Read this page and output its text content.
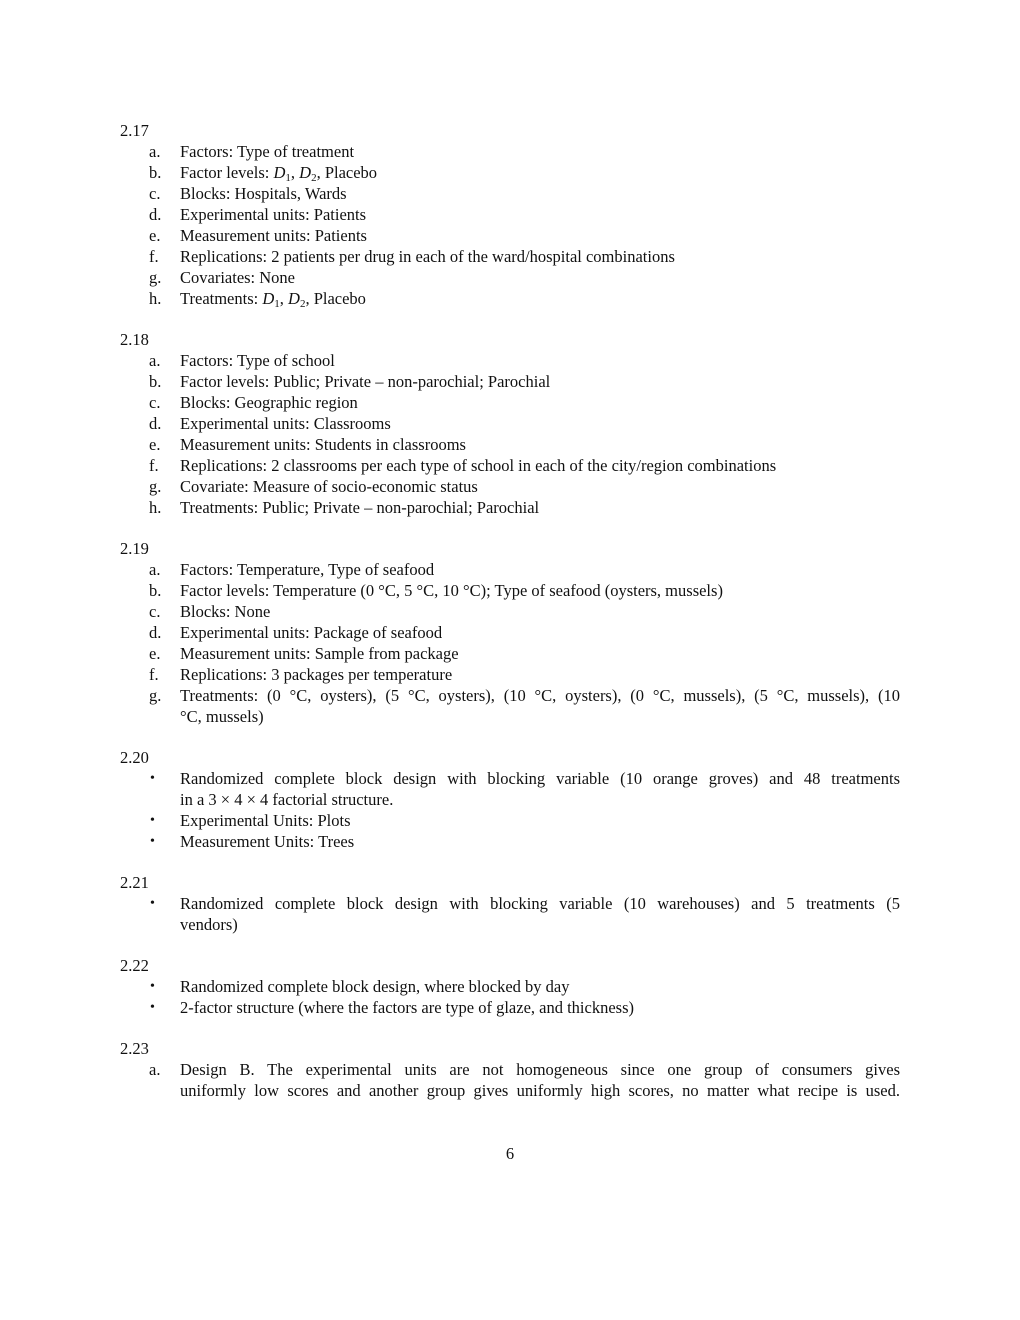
2.17
a.	Factors: Type of treatment
b.	Factor levels: $D_1$, $D_2$, Placebo
c.	Blocks: Hospitals, Wards
d.	Experimental units: Patients
e.	Measurement units: Patients
f.	Replications: 2 patients per drug in each of the ward/hospital combinations
g.	Covariates: None
h.	Treatments: $D_1$, $D_2$, Placebo
2.18
a.	Factors: Type of school
b.	Factor levels: Public; Private – non-parochial; Parochial
c.	Blocks: Geographic region
d.	Experimental units: Classrooms
e.	Measurement units: Students in classrooms
f.	Replications: 2 classrooms per each type of school in each of the city/region combinations
g.	Covariate: Measure of socio-economic status
h.	Treatments: Public; Private – non-parochial; Parochial
2.19
a.	Factors: Temperature, Type of seafood
b.	Factor levels: Temperature (0 °C, 5 °C, 10 °C); Type of seafood (oysters, mussels)
c.	Blocks: None
d.	Experimental units: Package of seafood
e.	Measurement units: Sample from package
f.	Replications: 3 packages per temperature
g.	Treatments: (0 °C, oysters), (5 °C, oysters), (10 °C, oysters), (0 °C, mussels), (5 °C, mussels), (10
°C, mussels)
2.20
• Randomized complete block design with blocking variable (10 orange groves) and 48 treatments
in a 3 × 4 × 4 factorial structure.
• Experimental Units: Plots
• Measurement Units: Trees
2.21
• Randomized complete block design with blocking variable (10 warehouses) and 5 treatments (5
vendors)
2.22
• Randomized complete block design, where blocked by day
• 2-factor structure (where the factors are type of glaze, and thickness)
2.23
a.	Design B. The experimental units are not homogeneous since one group of consumers gives
uniformly low scores and another group gives uniformly high scores, no matter what recipe is used.
6
